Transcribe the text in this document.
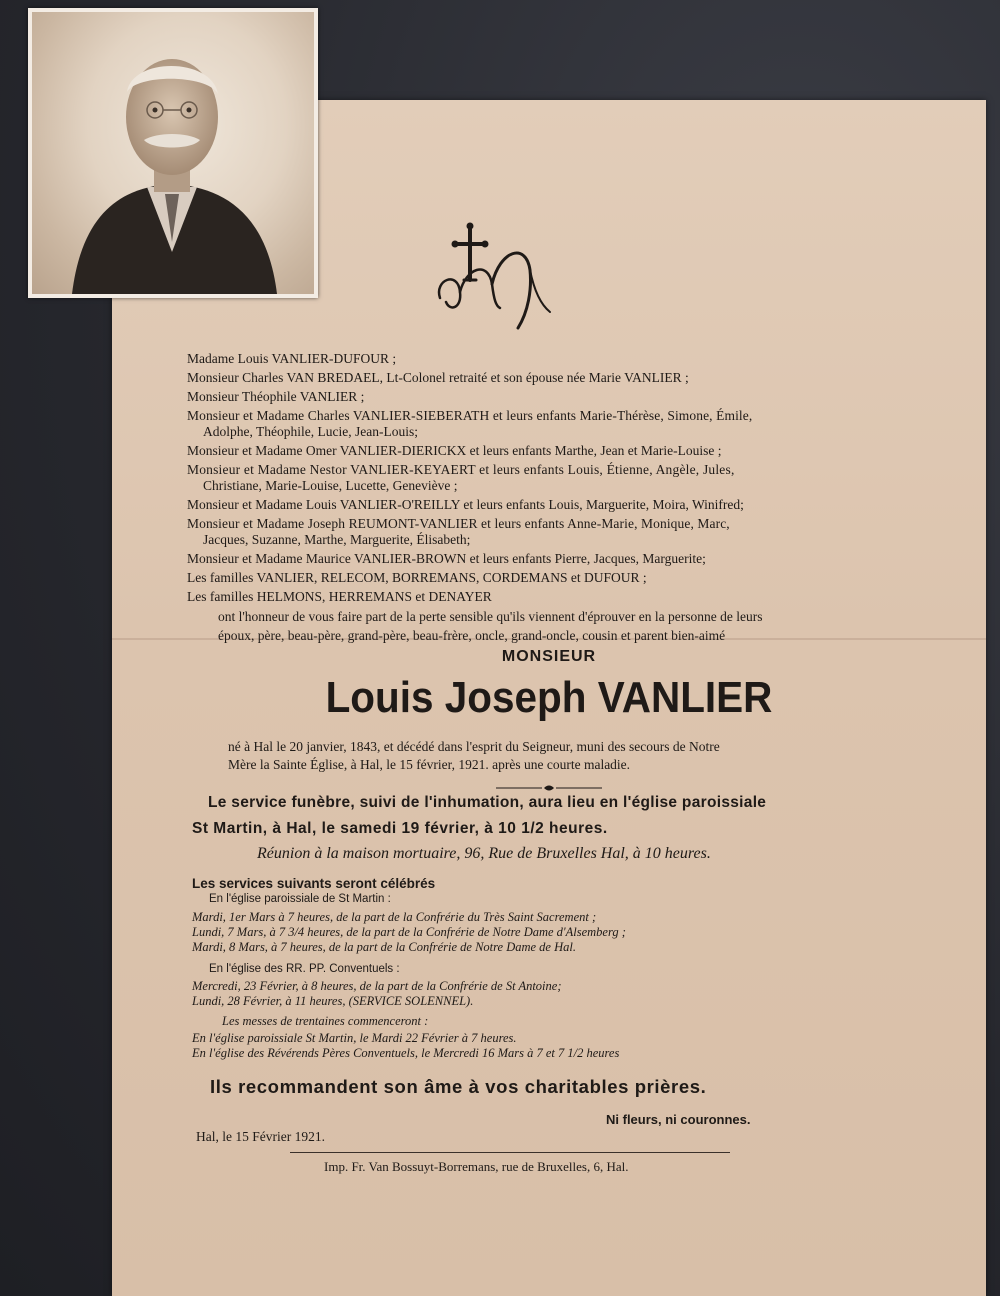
Madame Louis VANLIER-DUFOUR ;
Monsieur Charles VAN BREDAEL, Lt-Colonel retraité et son épouse née Marie VANLIER ;
Monsieur Théophile VANLIER ;
Monsieur et Madame Charles VANLIER-SIEBERATH et leurs enfants Marie-Thérèse, Simone, Émile,
Adolphe, Théophile, Lucie, Jean-Louis;
Monsieur et Madame Omer VANLIER-DIERICKX et leurs enfants Marthe, Jean et Marie-Louise ;
Monsieur et Madame Nestor VANLIER-KEYAERT et leurs enfants Louis, Étienne, Angèle, Jules,
Christiane, Marie-Louise, Lucette, Geneviève ;
Monsieur et Madame Louis VANLIER-O'REILLY et leurs enfants Louis, Marguerite, Moira, Winifred;
Monsieur et Madame Joseph REUMONT-VANLIER et leurs enfants Anne-Marie, Monique, Marc,
Jacques, Suzanne, Marthe, Marguerite, Élisabeth;
Monsieur et Madame Maurice VANLIER-BROWN et leurs enfants Pierre, Jacques, Marguerite;
Les familles VANLIER, RELECOM, BORREMANS, CORDEMANS et DUFOUR ;
Les familles HELMONS, HERREMANS et DENAYER
ont l'honneur de vous faire part de la perte sensible qu'ils viennent d'éprouver en la personne de leurs
époux, père, beau-père, grand-père, beau-frère, oncle, grand-oncle, cousin et parent bien-aimé
MONSIEUR
Louis Joseph VANLIER
né à Hal le 20 janvier, 1843, et décédé dans l'esprit du Seigneur, muni des secours de Notre
Mère la Sainte Église, à Hal, le 15 février, 1921. après une courte maladie.
Le service funèbre, suivi de l'inhumation, aura lieu en l'église paroissiale
St Martin, à Hal, le samedi 19 février, à 10 1/2 heures.
Réunion à la maison mortuaire, 96, Rue de Bruxelles Hal, à 10 heures.
Les services suivants seront célébrés
En l'église paroissiale de St Martin :
Mardi, 1er Mars à 7 heures, de la part de la Confrérie du Très Saint Sacrement ;
Lundi, 7 Mars, à 7 3/4 heures, de la part de la Confrérie de Notre Dame d'Alsemberg ;
Mardi, 8 Mars, à 7 heures, de la part de la Confrérie de Notre Dame de Hal.
En l'église des RR. PP. Conventuels :
Mercredi, 23 Février, à 8 heures, de la part de la Confrérie de St Antoine;
Lundi, 28 Février, à 11 heures, (SERVICE SOLENNEL).
Les messes de trentaines commenceront :
En l'église paroissiale St Martin, le Mardi 22 Février à 7 heures.
En l'église des Révérends Pères Conventuels, le Mercredi 16 Mars à 7 et 7 1/2 heures
Ils recommandent son âme à vos charitables prières.
Ni fleurs, ni couronnes.
Hal, le 15 Février 1921.
Imp. Fr. Van Bossuyt-Borremans, rue de Bruxelles, 6, Hal.
